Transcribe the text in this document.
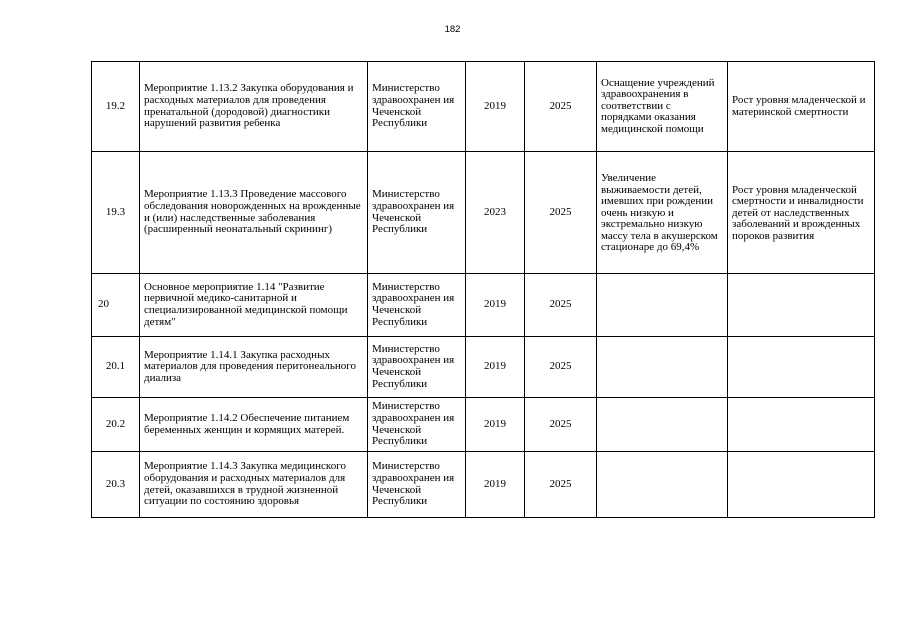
182
19.2	Мероприятие 1.13.2 Закупка оборудования и расходных материалов для проведения пренатальной (дородовой) диагностики нарушений развития ребенка	Министерство здравоохранен ия Чеченской Республики	2019	2025	Оснащение учреждений здравоохранения в соответствии с порядками оказания медицинской помощи	Рост уровня младенческой и материнской смертности
19.3	Мероприятие 1.13.3 Проведение массового обследования новорожденных на врожденные и (или) наследственные заболевания (расширенный неонатальный скрининг)	Министерство здравоохранен ия Чеченской Республики	2023	2025	Увеличение выживаемости детей, имевших при рождении очень низкую и экстремально низкую массу тела в акушерском стационаре до 69,4%	Рост уровня младенческой смертности и инвалидности детей от наследственных заболеваний и врожденных пороков развития
20	Основное мероприятие 1.14 "Развитие первичной медико-санитарной и специализированной медицинской помощи детям"	Министерство здравоохранен ия Чеченской Республики	2019	2025		
20.1	Мероприятие 1.14.1 Закупка расходных материалов для проведения перитонеального диализа	Министерство здравоохранен ия Чеченской Республики	2019	2025		
20.2	Мероприятие 1.14.2 Обеспечение питанием беременных женщин и кормящих матерей.	Министерство здравоохранен ия Чеченской Республики	2019	2025		
20.3	Мероприятие 1.14.3 Закупка медицинского оборудования и расходных материалов для детей, оказавшихся в трудной жизненной ситуации по состоянию здоровья	Министерство здравоохранен ия Чеченской Республики	2019	2025		
